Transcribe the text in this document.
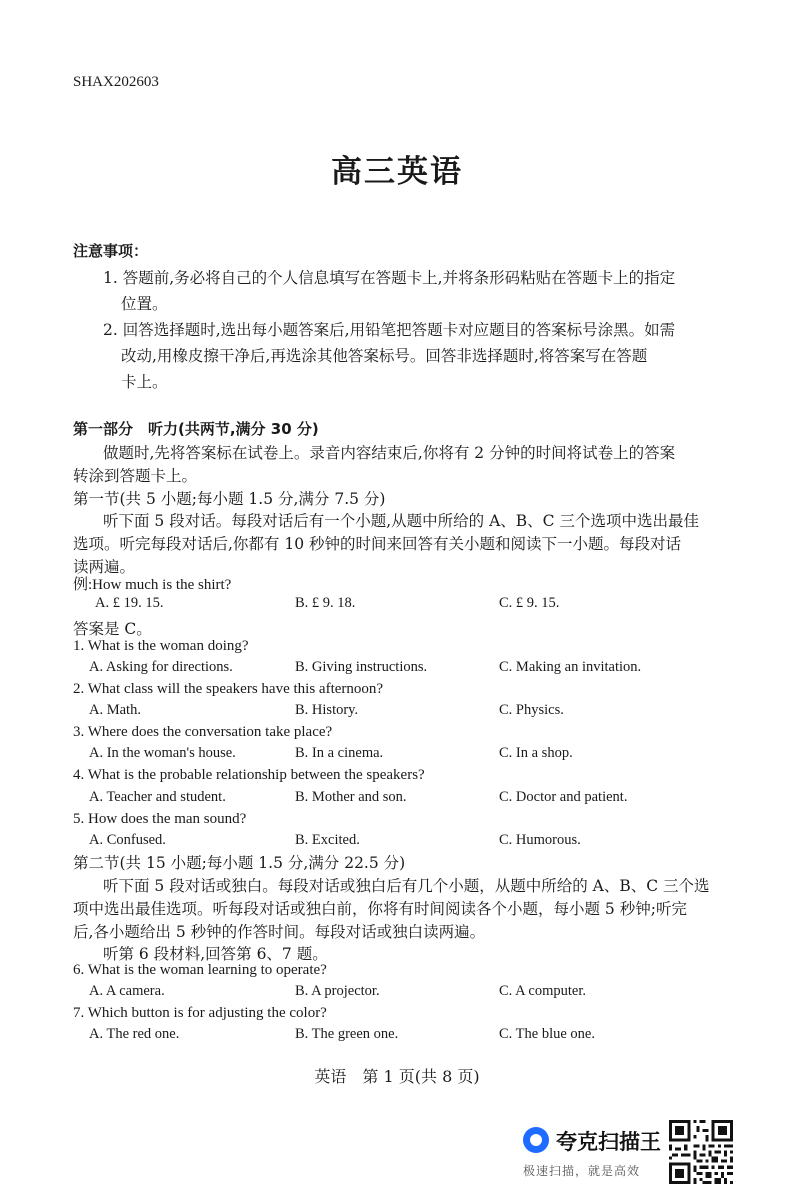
SHAX202603
高三英语
注意事项：
1. 答题前,务必将自己的个人信息填写在答题卡上,并将条形码粘贴在答题卡上的指定
位置。
2. 回答选择题时,选出每小题答案后,用铅笔把答题卡对应题目的答案标号涂黑。如需
改动,用橡皮擦干净后,再选涂其他答案标号。回答非选择题时,将答案写在答题
卡上。
第一部分　听力(共两节,满分 30 分)
做题时,先将答案标在试卷上。录音内容结束后,你将有 2 分钟的时间将试卷上的答案
转涂到答题卡上。
第一节(共 5 小题;每小题 1.5 分,满分 7.5 分)
听下面 5 段对话。每段对话后有一个小题,从题中所给的 A、B、C 三个选项中选出最佳
选项。听完每段对话后,你都有 10 秒钟的时间来回答有关小题和阅读下一小题。每段对话
读两遍。
例:How much is the shirt?
A. £ 19. 15.	B. £ 9. 18.	C. £ 9. 15.
答案是 C。
1. What is the woman doing?
A. Asking for directions.	B. Giving instructions.	C. Making an invitation.
2. What class will the speakers have this afternoon?
A. Math.	B. History.	C. Physics.
3. Where does the conversation take place?
A. In the woman's house.	B. In a cinema.	C. In a shop.
4. What is the probable relationship between the speakers?
A. Teacher and student.	B. Mother and son.	C. Doctor and patient.
5. How does the man sound?
A. Confused.	B. Excited.	C. Humorous.
第二节(共 15 小题;每小题 1.5 分,满分 22.5 分)
听下面 5 段对话或独白。每段对话或独白后有几个小题，从题中所给的 A、B、C 三个选
项中选出最佳选项。听每段对话或独白前，你将有时间阅读各个小题，每小题 5 秒钟;听完
后,各小题给出 5 秒钟的作答时间。每段对话或独白读两遍。
听第 6 段材料,回答第 6、7 题。
6. What is the woman learning to operate?
A. A camera.	B. A projector.	C. A computer.
7. Which button is for adjusting the color?
A. The red one.	B. The green one.	C. The blue one.
英语　第 1 页(共 8 页)
夸克扫描王
极速扫描，就是高效
